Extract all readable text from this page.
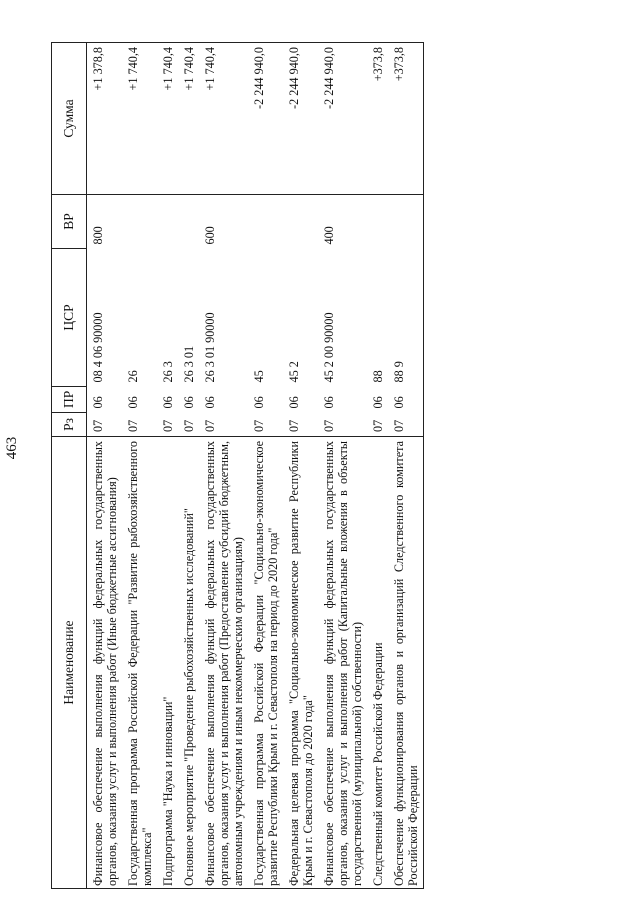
463
Наименование	Рз	ПР	ЦСР	ВР	Сумма
Финансовое обеспечение выполнения функций федеральных государственных органов, оказания услуг и выполнения работ (Иные бюджетные ассигнования)	07	06	08 4 06 90000	800	+1 378,8
Государственная программа Российской Федерации "Развитие рыбохозяйственного комплекса"	07	06	26		+1 740,4
Подпрограмма "Наука и инновации"	07	06	26 3		+1 740,4
Основное мероприятие "Проведение рыбохозяйственных исследований"	07	06	26 3 01		+1 740,4
Финансовое обеспечение выполнения функций федеральных государственных органов, оказания услуг и выполнения работ (Предоставление субсидий бюджетным, автономным учреждениям и иным некоммерческим организациям)	07	06	26 3 01 90000	600	+1 740,4
Государственная программа Российской Федерации "Социально-экономическое развитие Республики Крым и г. Севастополя на период до 2020 года"	07	06	45		-2 244 940,0
Федеральная целевая программа "Социально-экономическое развитие Республики Крым и г. Севастополя до 2020 года"	07	06	45 2		-2 244 940,0
Финансовое обеспечение выполнения функций федеральных государственных органов, оказания услуг и выполнения работ (Капитальные вложения в объекты государственной (муниципальной) собственности)	07	06	45 2 00 90000	400	-2 244 940,0
Следственный комитет Российской Федерации	07	06	88		+373,8
Обеспечение функционирования органов и организаций Следственного комитета Российской Федерации	07	06	88 9		+373,8
